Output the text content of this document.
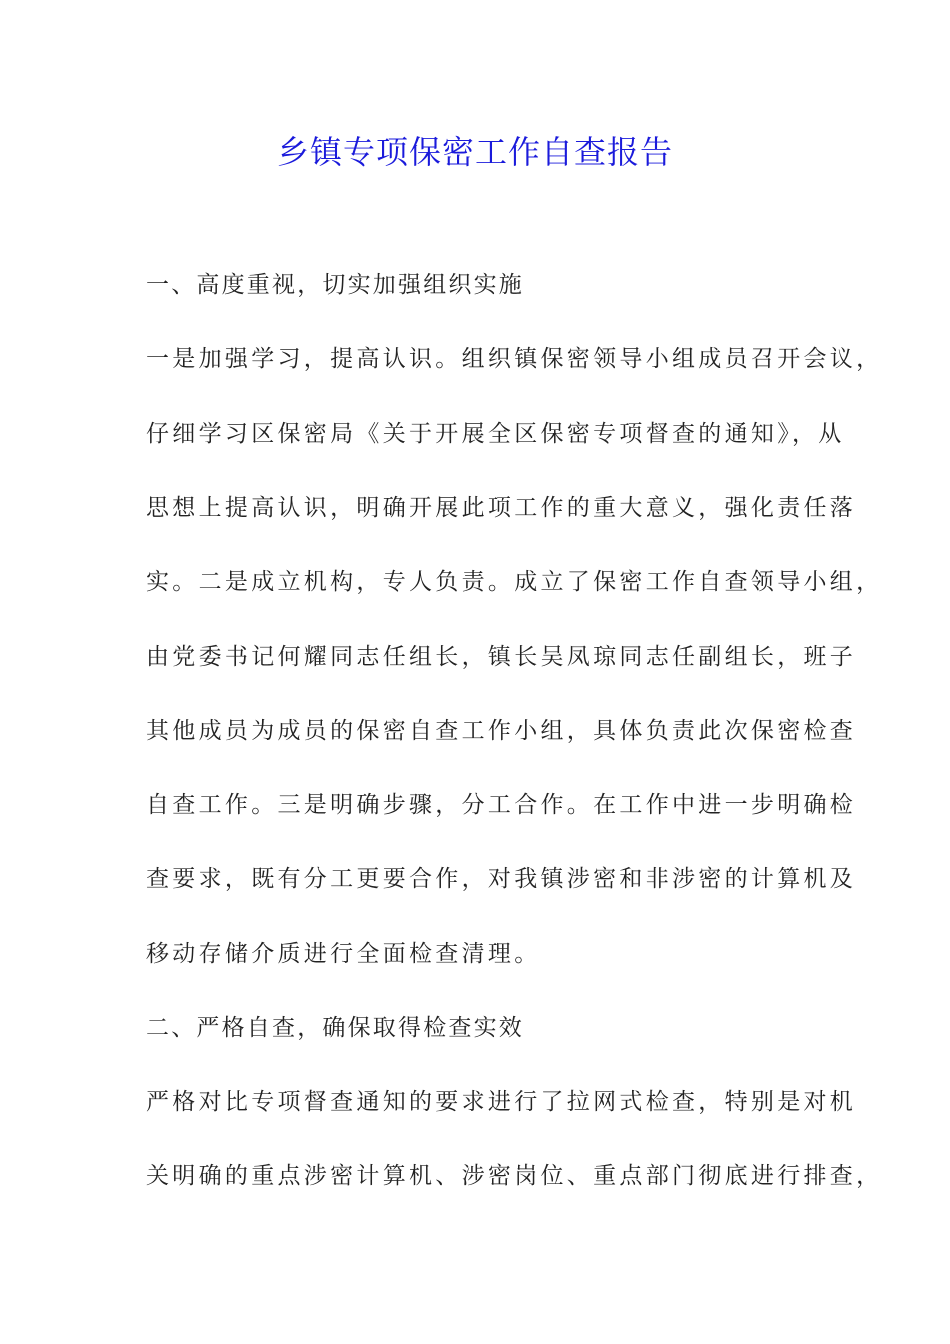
乡镇专项保密工作自查报告
一、高度重视，切实加强组织实施
一是加强学习，提高认识。组织镇保密领导小组成员召开会议，
仔细学习区保密局《关于开展全区保密专项督查的通知》，从
思想上提高认识，明确开展此项工作的重大意义，强化责任落
实。二是成立机构，专人负责。成立了保密工作自查领导小组，
由党委书记何耀同志任组长，镇长吴凤琼同志任副组长，班子
其他成员为成员的保密自查工作小组，具体负责此次保密检查
自查工作。三是明确步骤，分工合作。在工作中进一步明确检
查要求，既有分工更要合作，对我镇涉密和非涉密的计算机及
移动存储介质进行全面检查清理。
二、严格自查，确保取得检查实效
严格对比专项督查通知的要求进行了拉网式检查，特别是对机
关明确的重点涉密计算机、涉密岗位、重点部门彻底进行排查，
